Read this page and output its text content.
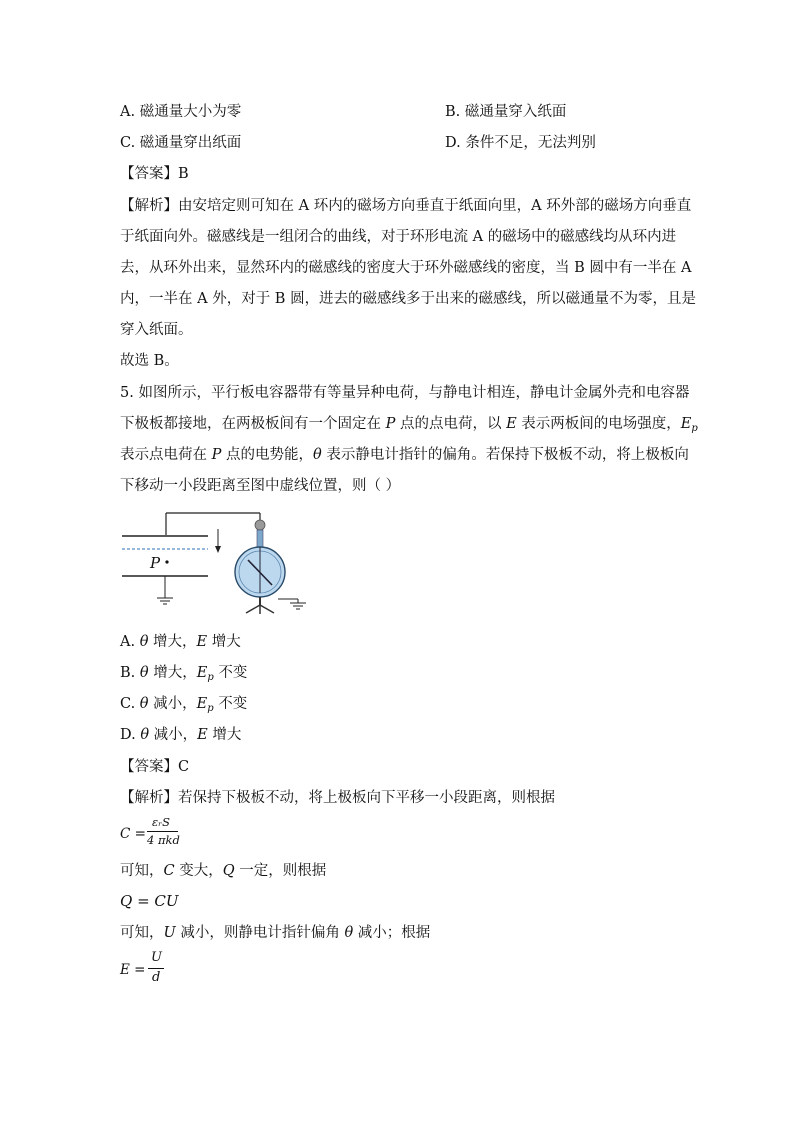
A. 磁通量大小为零	B. 磁通量穿入纸面
C. 磁通量穿出纸面	D. 条件不足，无法判别
【答案】B
【解析】由安培定则可知在 A 环内的磁场方向垂直于纸面向里，A 环外部的磁场方向垂直
于纸面向外。磁感线是一组闭合的曲线，对于环形电流 A 的磁场中的磁感线均从环内进
去，从环外出来，显然环内的磁感线的密度大于环外磁感线的密度，当 B 圆中有一半在 A
内，一半在 A 外，对于 B 圆，进去的磁感线多于出来的磁感线，所以磁通量不为零，且是
穿入纸面。
故选 B。
5. 如图所示，平行板电容器带有等量异种电荷，与静电计相连，静电计金属外壳和电容器
下极板都接地，在两极板间有一个固定在 P 点的点电荷，以 E 表示两板间的电场强度，$E_p$
表示点电荷在 P 点的电势能，θ 表示静电计指针的偏角。若保持下极板不动，将上极板向
下移动一小段距离至图中虚线位置，则（ ）
P
A. θ 增大，E 增大
B. θ 增大，$E_p$ 不变
C. θ 减小，$E_p$ 不变
D. θ 减小，E 增大
【答案】C
【解析】若保持下极板不动，将上极板向下平移一小段距离，则根据
C =
εᵣS
4 πkd
可知，C 变大，Q 一定，则根据
Q = CU
可知，U 减小，则静电计指针偏角 θ 减小；根据
E =
U
d
